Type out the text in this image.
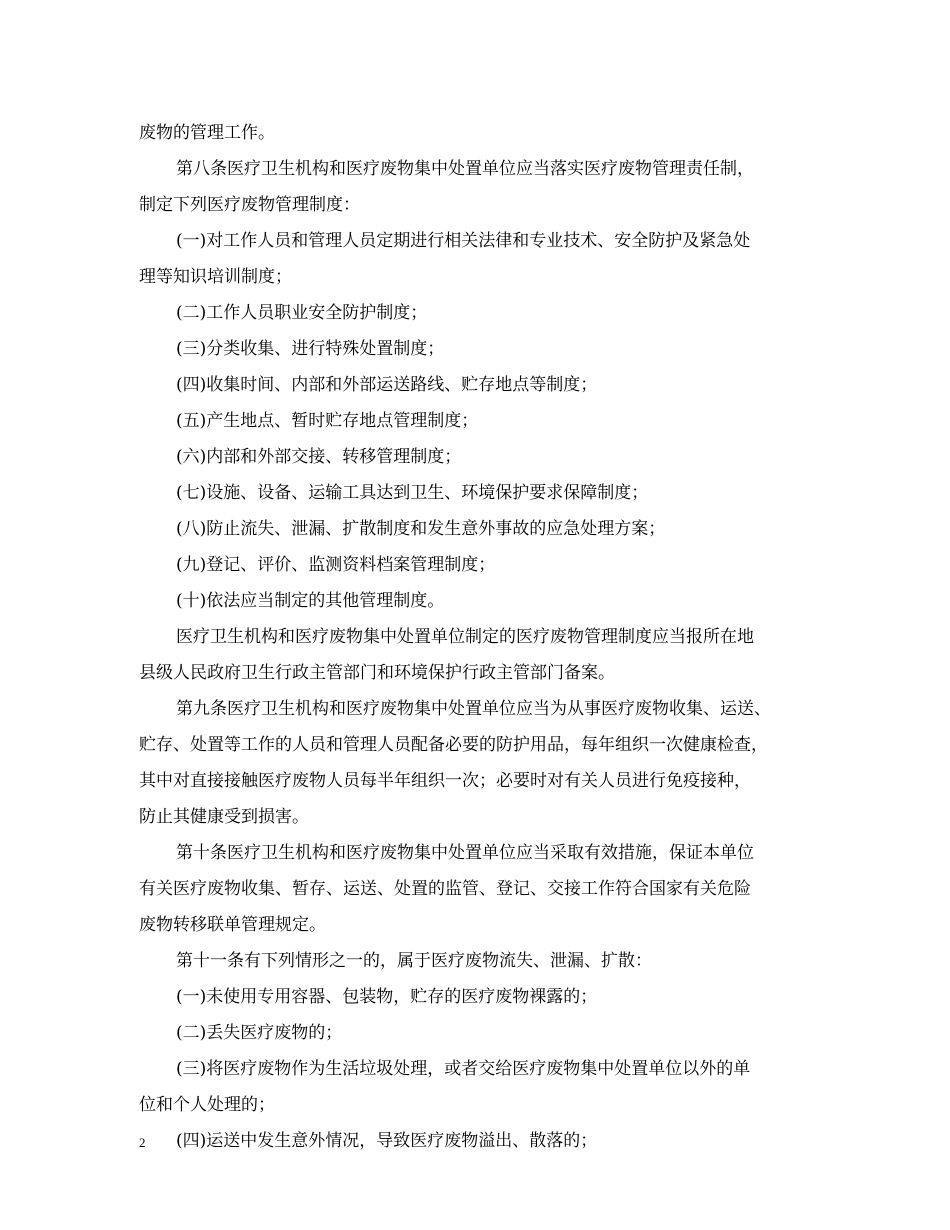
废物的管理工作。
第八条医疗卫生机构和医疗废物集中处置单位应当落实医疗废物管理责任制，
制定下列医疗废物管理制度：
(一)对工作人员和管理人员定期进行相关法律和专业技术、安全防护及紧急处
理等知识培训制度；
(二)工作人员职业安全防护制度；
(三)分类收集、进行特殊处置制度；
(四)收集时间、内部和外部运送路线、贮存地点等制度；
(五)产生地点、暂时贮存地点管理制度；
(六)内部和外部交接、转移管理制度；
(七)设施、设备、运输工具达到卫生、环境保护要求保障制度；
(八)防止流失、泄漏、扩散制度和发生意外事故的应急处理方案；
(九)登记、评价、监测资料档案管理制度；
(十)依法应当制定的其他管理制度。
医疗卫生机构和医疗废物集中处置单位制定的医疗废物管理制度应当报所在地
县级人民政府卫生行政主管部门和环境保护行政主管部门备案。
第九条医疗卫生机构和医疗废物集中处置单位应当为从事医疗废物收集、运送、
贮存、处置等工作的人员和管理人员配备必要的防护用品，每年组织一次健康检查，
其中对直接接触医疗废物人员每半年组织一次；必要时对有关人员进行免疫接种，
防止其健康受到损害。
第十条医疗卫生机构和医疗废物集中处置单位应当采取有效措施，保证本单位
有关医疗废物收集、暂存、运送、处置的监管、登记、交接工作符合国家有关危险
废物转移联单管理规定。
第十一条有下列情形之一的，属于医疗废物流失、泄漏、扩散：
(一)未使用专用容器、包装物，贮存的医疗废物裸露的；
(二)丢失医疗废物的；
(三)将医疗废物作为生活垃圾处理，或者交给医疗废物集中处置单位以外的单
位和个人处理的；
(四)运送中发生意外情况，导致医疗废物溢出、散落的；
2
